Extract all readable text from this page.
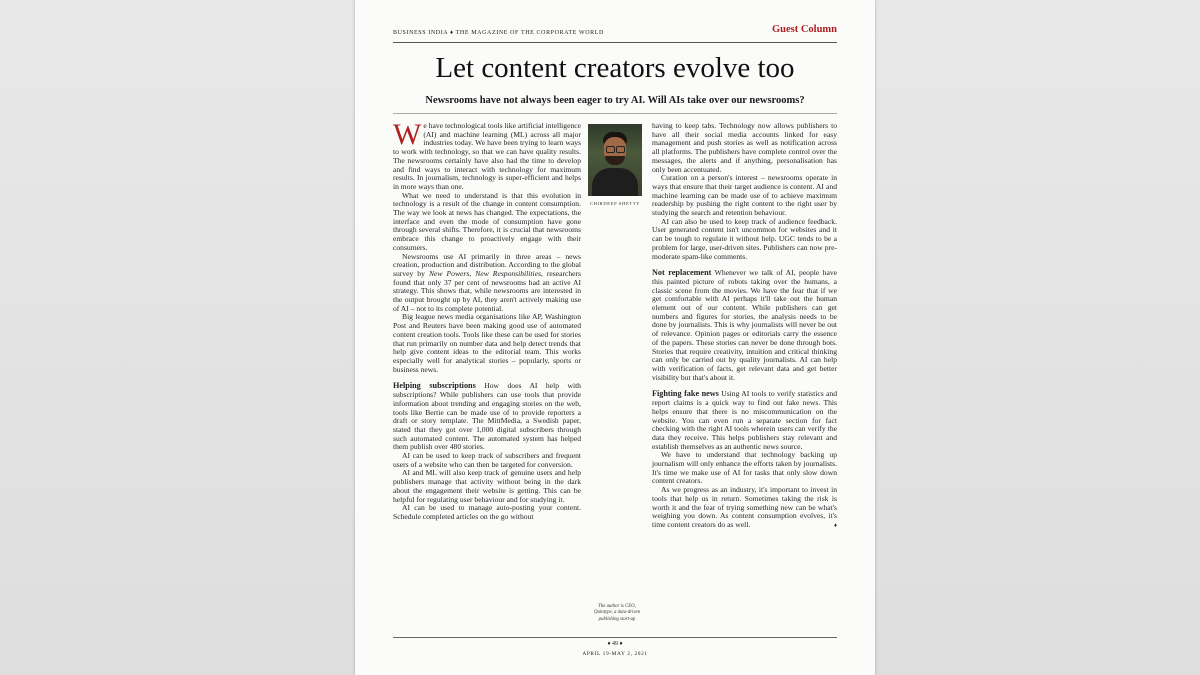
BUSINESS INDIA ♦ THE MAGAZINE OF THE CORPORATE WORLD	Guest Column
Let content creators evolve too
Newsrooms have not always been eager to try AI. Will AIs take over our newsrooms?

We have technological tools like artificial intelligence (AI) and machine learning (ML) across all major industries today. We have been trying to learn ways to work with technology, so that we can have quality results. The newsrooms certainly have also had the time to develop and find ways to interact with technology for maximum results. In journalism, technology is super-efficient and helps in more ways than one.

What we need to understand is that this evolution in technology is a result of the change in content consumption. The way we look at news has changed. The expectations, the interface and even the mode of consumption have gone through several shifts. Therefore, it is crucial that newsrooms embrace this change to proactively engage with their consumers.

Newsrooms use AI primarily in three areas – news creation, production and distribution. According to the global survey by New Powers, New Responsibilities, researchers found that only 37 per cent of newsrooms had an active AI strategy. This shows that, while newsrooms are interested in the output brought up by AI, they aren't actively making use of AI – not to its complete potential.

Big league news media organisations like AP, Washington Post and Reuters have been making good use of automated content creation tools. Tools like these can be used for stories that run primarily on number data and help detect trends that help give content ideas to the editorial team. This works especially well for analytical stories – popularly, sports or business news.

Helping subscriptions How does AI help with subscriptions? While publishers can use tools that provide information about trending and engaging stories on the web, tools like Bertie can be made use of to provide reporters a draft or story template. The MittMedia, a Swedish paper, stated that they got over 1,000 digital subscribers through such automated content. The automated system has helped them publish over 480 stories.

AI can be used to keep track of subscribers and frequent users of a website who can then be targeted for conversion.

AI and ML will also keep track of genuine users and help publishers manage that activity without being in the dark about the engagement their website is getting. This can be helpful for regulating user behaviour and for studying it.

AI can be used to manage auto-posting your content. Schedule completed articles on the go without

CHIRDEEP SHETTY
The author is CEO, Quintype, a data-driven publishing start-up

having to keep tabs. Technology now allows publishers to have all their social media accounts linked for easy management and push stories as well as notification across all platforms. The publishers have complete control over the messages, the alerts and if anything, personalisation has only been accentuated.

Curation on a person's interest – newsrooms operate in ways that ensure that their target audience is content. AI and machine learning can be made use of to achieve maximum readership by pushing the right content to the right user by studying the search and retention behaviour.

AI can also be used to keep track of audience feedback. User generated content isn't uncommon for websites and it can be tough to regulate it without help. UGC tends to be a problem for large, user-driven sites. Publishers can now pre-moderate spam-like comments.

Not replacement Whenever we talk of AI, people have this painted picture of robots taking over the humans, a classic scene from the movies. We have the fear that if we get comfortable with AI perhaps it'll take out the human element out of our content. While publishers can get numbers and figures for stories, the analysis needs to be done by journalists. This is why journalists will never be out of relevance. Opinion pages or editorials carry the essence of the papers. These stories can never be done through bots. Stories that require creativity, intuition and critical thinking can only be carried out by quality journalists. AI can help with verification of facts, get relevant data and get better visibility but that's about it.

Fighting fake news Using AI tools to verify statistics and report claims is a quick way to find out fake news. This helps ensure that there is no miscommunication on the website. You can even run a separate section for fact checking with the right AI tools wherein users can verify the data they receive. This helps publishers stay relevant and establish themselves as an authentic news source.

We have to understand that technology backing up journalism will only enhance the efforts taken by journalists. It's time we make use of AI for tasks that only slow down content creators.

As we progress as an industry, it's important to invest in tools that help us in return. Sometimes taking the risk is worth it and the fear of trying something new can be what's weighing you down. As content consumption evolves, it's time content creators do as well.	♦

♦ 49 ♦
APRIL 19-MAY 2, 2021
